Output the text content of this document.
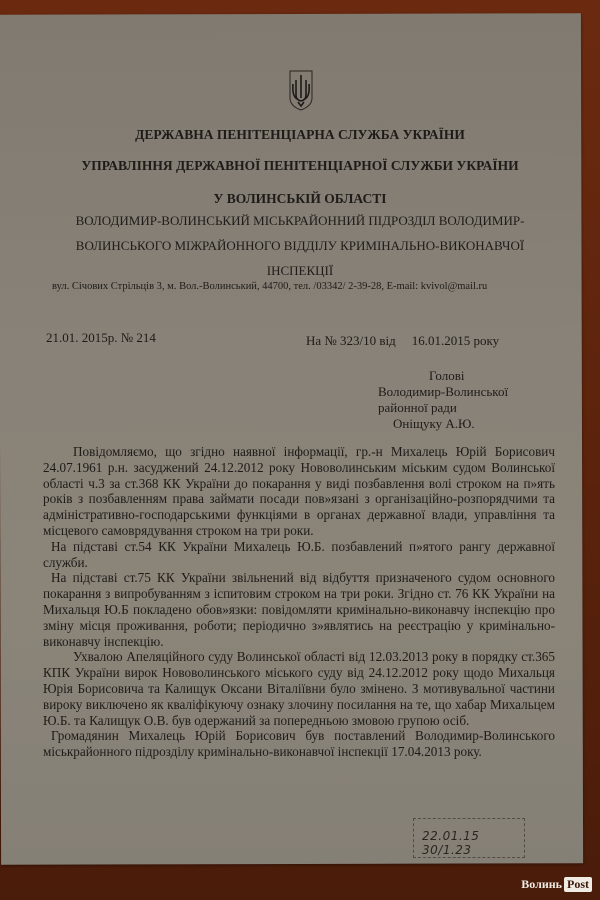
ДЕРЖАВНА ПЕНІТЕНЦІАРНА СЛУЖБА УКРАЇНИ
УПРАВЛІННЯ ДЕРЖАВНОЇ ПЕНІТЕНЦІАРНОЇ СЛУЖБИ УКРАЇНИ
У ВОЛИНСЬКІЙ ОБЛАСТІ
ВОЛОДИМИР-ВОЛИНСЬКИЙ МІСЬКРАЙОННИЙ ПІДРОЗДІЛ ВОЛОДИМИР-
ВОЛИНСЬКОГО МІЖРАЙОННОГО ВІДДІЛУ КРИМІНАЛЬНО-ВИКОНАВЧОЇ
ІНСПЕКЦІЇ
вул. Січових Стрільців 3, м. Вол.-Волинський, 44700, тел. /03342/ 2-39-28, E-mail: kvivol@mail.ru
21.01. 2015р. № 214	На № 323/10 від 16.01.2015 року
Голові
Володимир-Волинської
районної ради
Оніщуку А.Ю.

Повідомляємо, що згідно наявної інформації, гр.-н Михалець Юрій Борисович 24.07.1961 р.н. засуджений 24.12.2012 року Нововолинським міським судом Волинської області ч.3 за ст.368 КК України до покарання у виді позбавлення волі строком на п»ять років з позбавленням права займати посади пов»язані з організаційно-розпорядчими та адміністративно-господарськими функціями в органах державної влади, управління та місцевого самоврядування строком на три роки.

На підставі ст.54 КК України Михалець Ю.Б. позбавлений п»ятого рангу державної служби.

На підставі ст.75 КК України звільнений від відбуття призначеного судом основного покарання з випробуванням з іспитовим строком на три роки. Згідно ст. 76 КК України на Михальця Ю.Б покладено обов»язки: повідомляти кримінально-виконавчу інспекцію про зміну місця проживання, роботи; періодично з»являтись на реєстрацію у кримінально-виконавчу інспекцію.

Ухвалою Апеляційного суду Волинської області від 12.03.2013 року в порядку ст.365 КПК України вирок Нововолинського міського суду від 24.12.2012 року щодо Михальця Юрія Борисовича та Калищук Оксани Віталіївни було змінено. З мотивувальної частини вироку виключено як кваліфікуючу ознаку злочину посилання на те, що хабар Михальцем Ю.Б. та Калищук О.В. був одержаний за попередньою змовою групою осіб.

Громадянин Михалець Юрій Борисович був поставлений Володимир-Волинського міськрайонного підрозділу кримінально-виконавчої інспекції 17.04.2013 року.

22.01.15 30/1.23
Волинь Post
